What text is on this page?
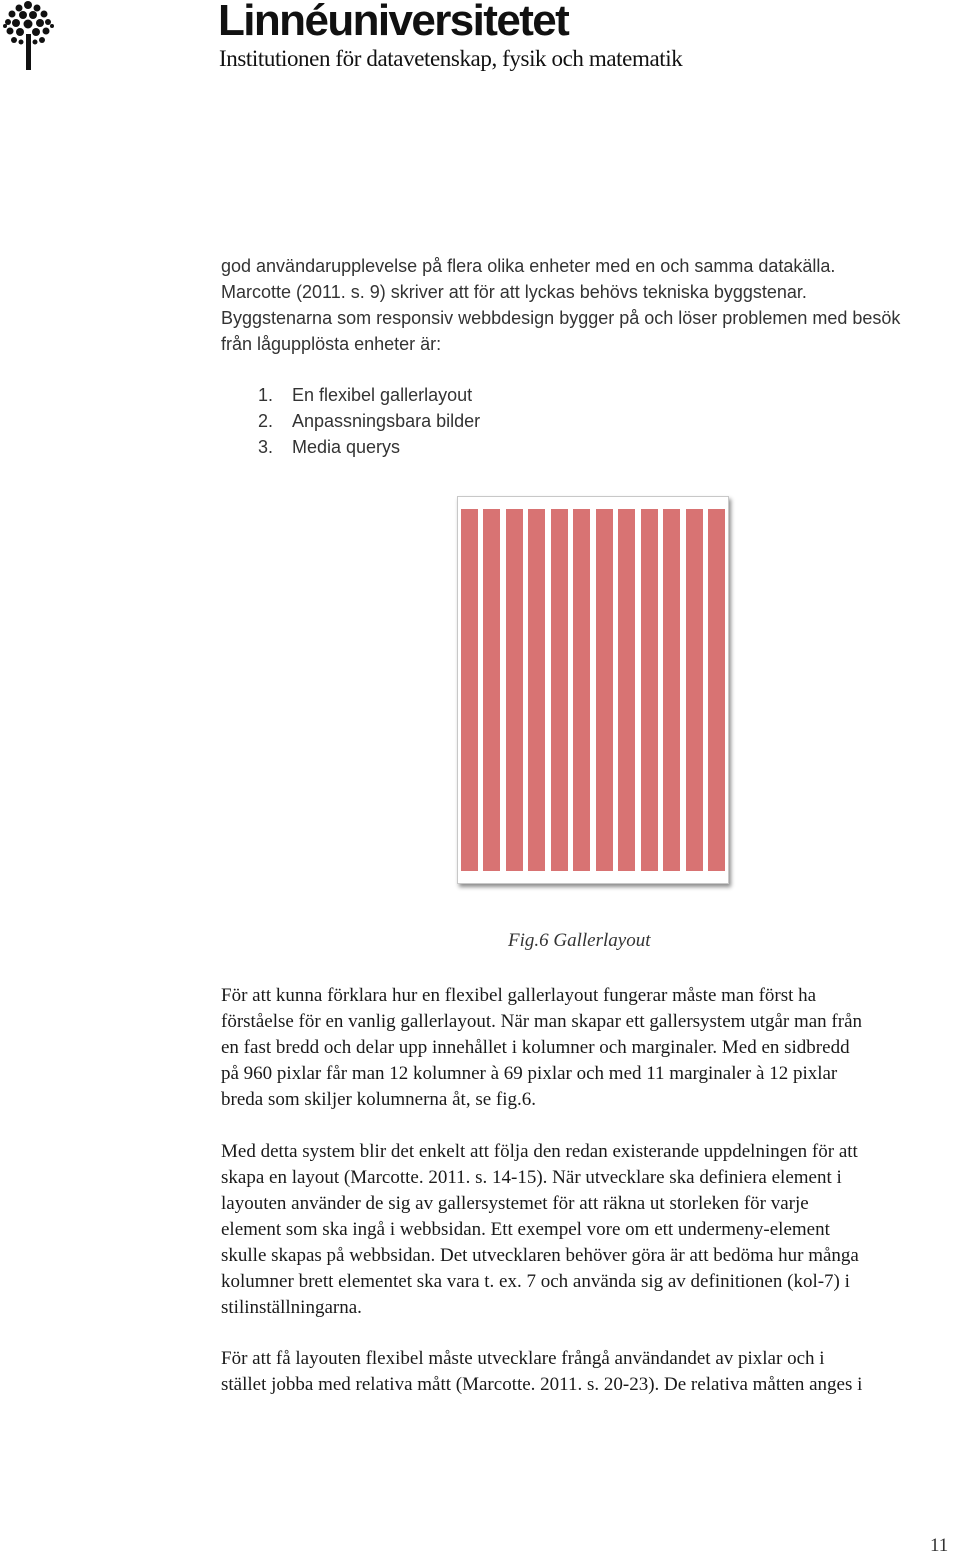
Linnéuniversitetet

Institutionen för datavetenskap, fysik och matematik

god användarupplevelse på flera olika enheter med en och samma datakälla.
Marcotte (2011. s. 9) skriver att för att lyckas behövs tekniska byggstenar.
Byggstenarna som responsiv webbdesign bygger på och löser problemen med besök
från lågupplösta enheter är:

1. En flexibel gallerlayout
2. Anpassningsbara bilder
3. Media querys

Fig.6 Gallerlayout

För att kunna förklara hur en flexibel gallerlayout fungerar måste man först ha
förståelse för en vanlig gallerlayout. När man skapar ett gallersystem utgår man från
en fast bredd och delar upp innehållet i kolumner och marginaler. Med en sidbredd
på 960 pixlar får man 12 kolumner à 69 pixlar och med 11 marginaler à 12 pixlar
breda som skiljer kolumnerna åt, se fig.6.

Med detta system blir det enkelt att följa den redan existerande uppdelningen för att
skapa en layout (Marcotte. 2011. s. 14-15). När utvecklare ska definiera element i
layouten använder de sig av gallersystemet för att räkna ut storleken för varje
element som ska ingå i webbsidan. Ett exempel vore om ett undermeny-element
skulle skapas på webbsidan. Det utvecklaren behöver göra är att bedöma hur många
kolumner brett elementet ska vara t. ex. 7 och använda sig av definitionen (kol-7) i
stilinställningarna.

För att få layouten flexibel måste utvecklare frångå användandet av pixlar och i
stället jobba med relativa mått (Marcotte. 2011. s. 20-23). De relativa måtten anges i

11
